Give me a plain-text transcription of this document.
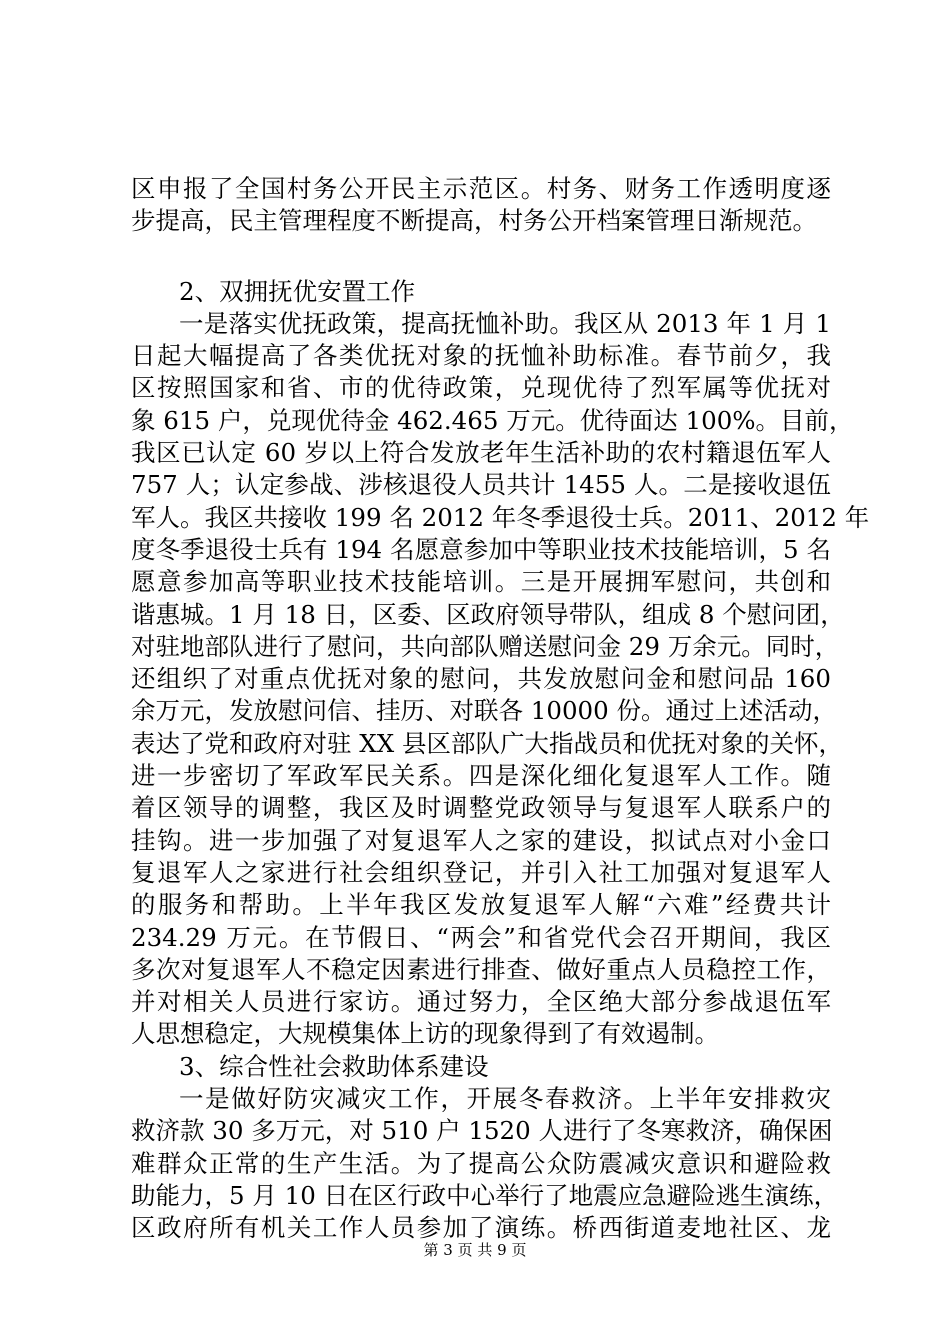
区申报了全国村务公开民主示范区。村务、财务工作透明度逐
步提高，民主管理程度不断提高，村务公开档案管理日渐规范。
2、双拥抚优安置工作
一是落实优抚政策，提高抚恤补助。我区从 2013 年 1 月 1
日起大幅提高了各类优抚对象的抚恤补助标准。春节前夕，我
区按照国家和省、市的优待政策，兑现优待了烈军属等优抚对
象 615 户，兑现优待金 462.465 万元。优待面达 100%。目前，
我区已认定 60 岁以上符合发放老年生活补助的农村籍退伍军人
757 人；认定参战、涉核退役人员共计 1455 人。二是接收退伍
军人。我区共接收 199 名 2012 年冬季退役士兵。2011、2012 年
度冬季退役士兵有 194 名愿意参加中等职业技术技能培训，5 名
愿意参加高等职业技术技能培训。三是开展拥军慰问，共创和
谐惠城。1 月 18 日，区委、区政府领导带队，组成 8 个慰问团，
对驻地部队进行了慰问，共向部队赠送慰问金 29 万余元。同时，
还组织了对重点优抚对象的慰问，共发放慰问金和慰问品 160
余万元，发放慰问信、挂历、对联各 10000 份。通过上述活动，
表达了党和政府对驻 XX 县区部队广大指战员和优抚对象的关怀，
进一步密切了军政军民关系。四是深化细化复退军人工作。随
着区领导的调整，我区及时调整党政领导与复退军人联系户的
挂钩。进一步加强了对复退军人之家的建设，拟试点对小金口
复退军人之家进行社会组织登记，并引入社工加强对复退军人
的服务和帮助。上半年我区发放复退军人解“六难”经费共计
234.29 万元。在节假日、“两会”和省党代会召开期间，我区
多次对复退军人不稳定因素进行排查、做好重点人员稳控工作，
并对相关人员进行家访。通过努力，全区绝大部分参战退伍军
人思想稳定，大规模集体上访的现象得到了有效遏制。
3、综合性社会救助体系建设
一是做好防灾减灾工作，开展冬春救济。上半年安排救灾
救济款 30 多万元，对 510 户 1520 人进行了冬寒救济，确保困
难群众正常的生产生活。为了提高公众防震减灾意识和避险救
助能力，5 月 10 日在区行政中心举行了地震应急避险逃生演练，
区政府所有机关工作人员参加了演练。桥西街道麦地社区、龙
第 3 页 共 9 页
